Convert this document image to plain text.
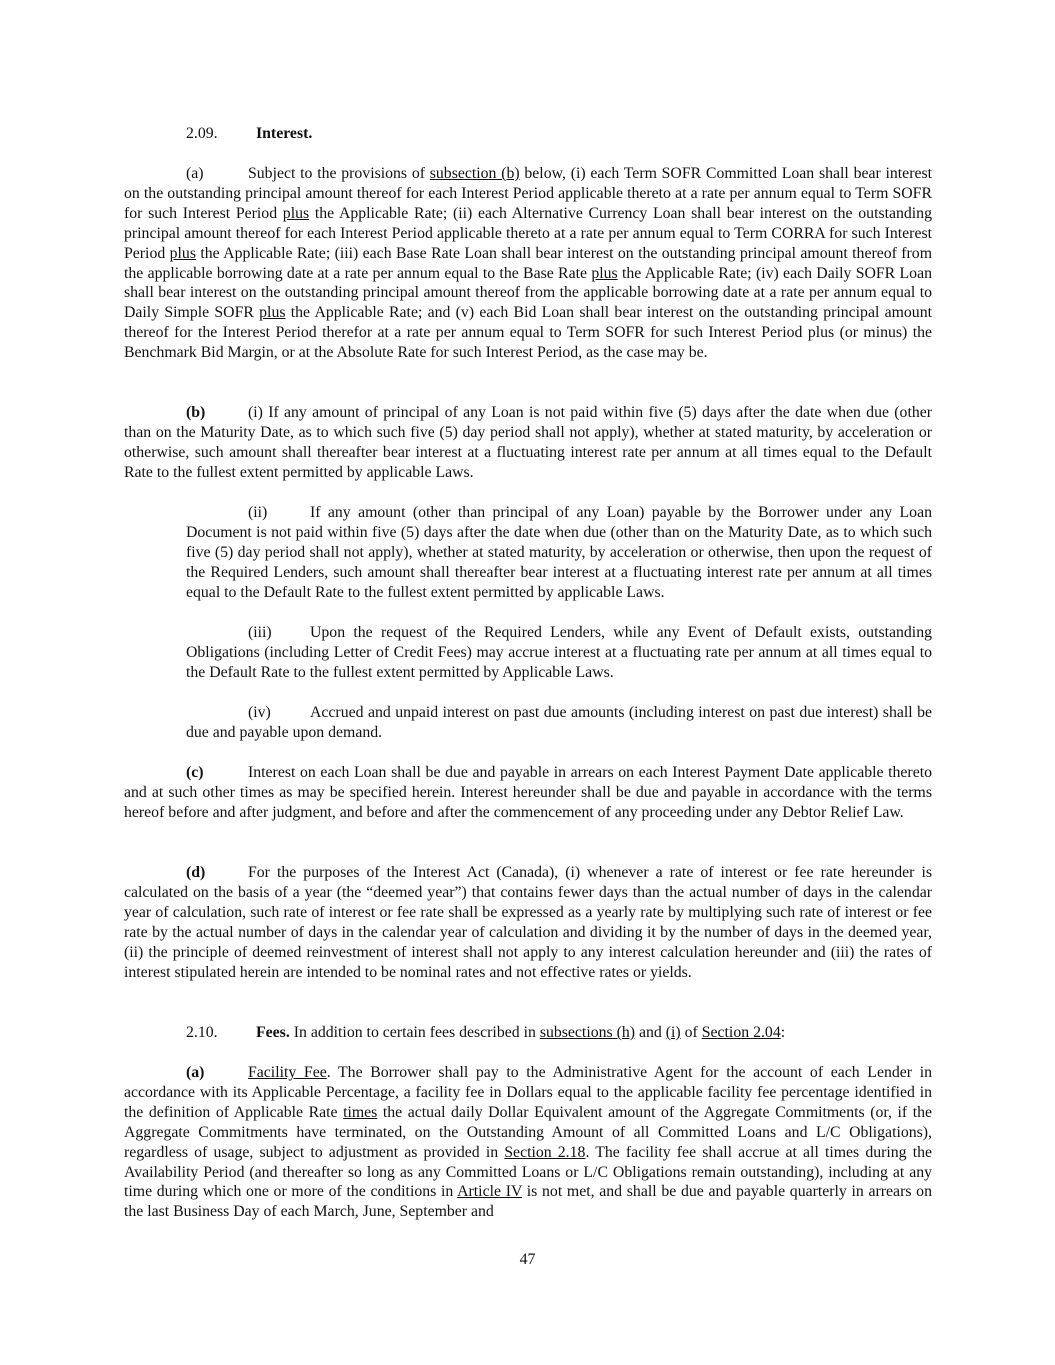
2.09. Interest.

(a)	Subject to the provisions of subsection (b) below, (i) each Term SOFR Committed Loan shall bear interest on the outstanding principal amount thereof for each Interest Period applicable thereto at a rate per annum equal to Term SOFR for such Interest Period plus the Applicable Rate; (ii) each Alternative Currency Loan shall bear interest on the outstanding principal amount thereof for each Interest Period applicable thereto at a rate per annum equal to Term CORRA for such Interest Period plus the Applicable Rate; (iii) each Base Rate Loan shall bear interest on the outstanding principal amount thereof from the applicable borrowing date at a rate per annum equal to the Base Rate plus the Applicable Rate; (iv) each Daily SOFR Loan shall bear interest on the outstanding principal amount thereof from the applicable borrowing date at a rate per annum equal to Daily Simple SOFR plus the Applicable Rate; and (v) each Bid Loan shall bear interest on the outstanding principal amount thereof for the Interest Period therefor at a rate per annum equal to Term SOFR for such Interest Period plus (or minus) the Benchmark Bid Margin, or at the Absolute Rate for such Interest Period, as the case may be.

(b)	(i) If any amount of principal of any Loan is not paid within five (5) days after the date when due (other than on the Maturity Date, as to which such five (5) day period shall not apply), whether at stated maturity, by acceleration or otherwise, such amount shall thereafter bear interest at a fluctuating interest rate per annum at all times equal to the Default Rate to the fullest extent permitted by applicable Laws.

(ii)	If any amount (other than principal of any Loan) payable by the Borrower under any Loan Document is not paid within five (5) days after the date when due (other than on the Maturity Date, as to which such five (5) day period shall not apply), whether at stated maturity, by acceleration or otherwise, then upon the request of the Required Lenders, such amount shall thereafter bear interest at a fluctuating interest rate per annum at all times equal to the Default Rate to the fullest extent permitted by applicable Laws.

(iii) Upon the request of the Required Lenders, while any Event of Default exists, outstanding Obligations (including Letter of Credit Fees) may accrue interest at a fluctuating rate per annum at all times equal to the Default Rate to the fullest extent permitted by Applicable Laws.

(iv) Accrued and unpaid interest on past due amounts (including interest on past due interest) shall be due and payable upon demand.

(c)	Interest on each Loan shall be due and payable in arrears on each Interest Payment Date applicable thereto and at such other times as may be specified herein. Interest hereunder shall be due and payable in accordance with the terms hereof before and after judgment, and before and after the commencement of any proceeding under any Debtor Relief Law.

(d)	For the purposes of the Interest Act (Canada), (i) whenever a rate of interest or fee rate hereunder is calculated on the basis of a year (the “deemed year”) that contains fewer days than the actual number of days in the calendar year of calculation, such rate of interest or fee rate shall be expressed as a yearly rate by multiplying such rate of interest or fee rate by the actual number of days in the calendar year of calculation and dividing it by the number of days in the deemed year, (ii) the principle of deemed reinvestment of interest shall not apply to any interest calculation hereunder and (iii) the rates of interest stipulated herein are intended to be nominal rates and not effective rates or yields.

2.10. Fees. In addition to certain fees described in subsections (h) and (i) of Section 2.04:

(a)	Facility Fee. The Borrower shall pay to the Administrative Agent for the account of each Lender in accordance with its Applicable Percentage, a facility fee in Dollars equal to the applicable facility fee percentage identified in the definition of Applicable Rate times the actual daily Dollar Equivalent amount of the Aggregate Commitments (or, if the Aggregate Commitments have terminated, on the Outstanding Amount of all Committed Loans and L/C Obligations), regardless of usage, subject to adjustment as provided in Section 2.18. The facility fee shall accrue at all times during the Availability Period (and thereafter so long as any Committed Loans or L/C Obligations remain outstanding), including at any time during which one or more of the conditions in Article IV is not met, and shall be due and payable quarterly in arrears on the last Business Day of each March, June, September and

47
